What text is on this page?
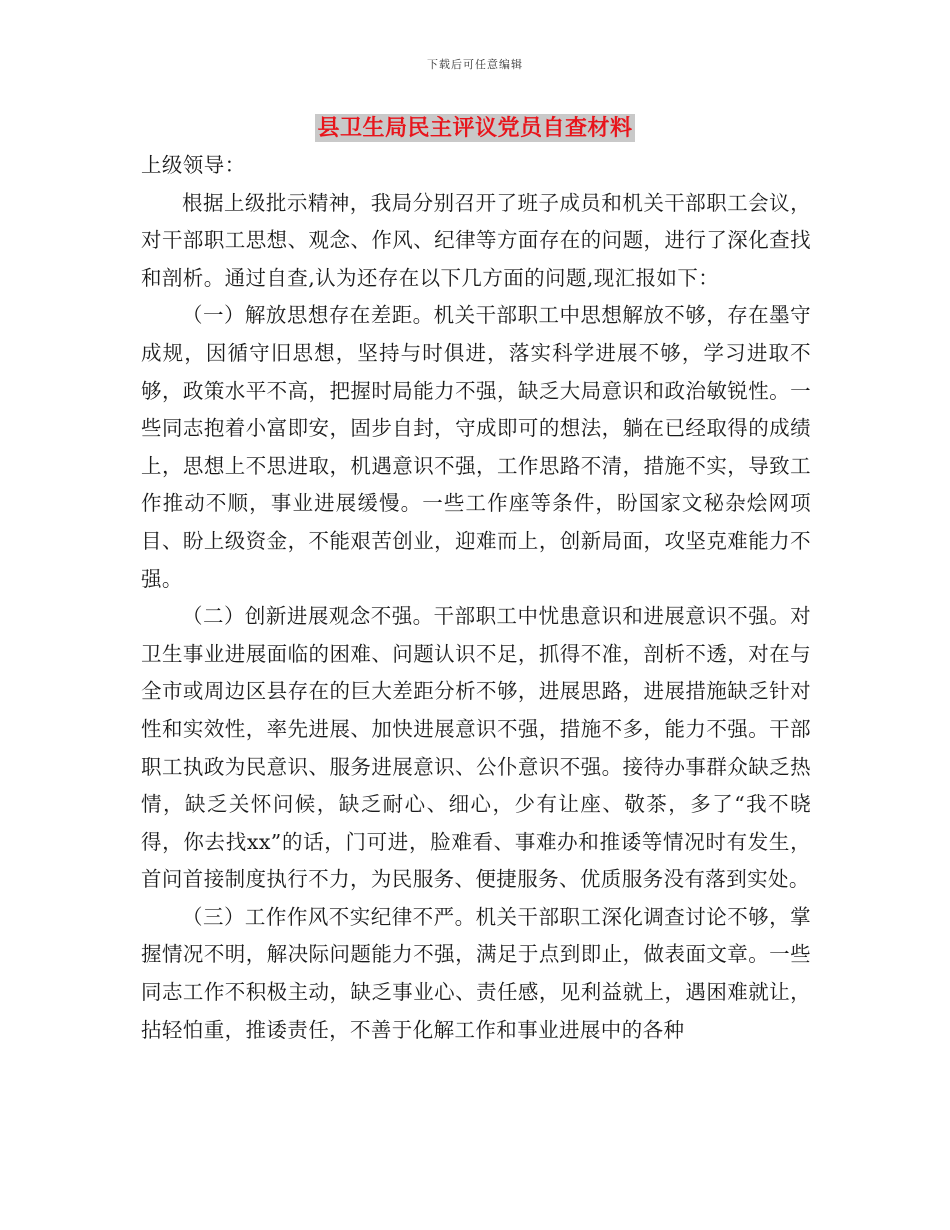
下载后可任意编辑
县卫生局民主评议党员自查材料

上级领导：

根据上级批示精神，我局分别召开了班子成员和机关干部职工会议，对干部职工思想、观念、作风、纪律等方面存在的问题，进行了深化查找和剖析。通过自查,认为还存在以下几方面的问题,现汇报如下：

（一）解放思想存在差距。机关干部职工中思想解放不够，存在墨守成规，因循守旧思想，坚持与时俱进，落实科学进展不够，学习进取不够，政策水平不高，把握时局能力不强，缺乏大局意识和政治敏锐性。一些同志抱着小富即安，固步自封，守成即可的想法，躺在已经取得的成绩上，思想上不思进取，机遇意识不强，工作思路不清，措施不实，导致工作推动不顺，事业进展缓慢。一些工作座等条件，盼国家文秘杂烩网项目、盼上级资金，不能艰苦创业，迎难而上，创新局面，攻坚克难能力不强。

（二）创新进展观念不强。干部职工中忧患意识和进展意识不强。对卫生事业进展面临的困难、问题认识不足，抓得不准，剖析不透，对在与全市或周边区县存在的巨大差距分析不够，进展思路，进展措施缺乏针对性和实效性，率先进展、加快进展意识不强，措施不多，能力不强。干部职工执政为民意识、服务进展意识、公仆意识不强。接待办事群众缺乏热情，缺乏关怀问候，缺乏耐心、细心，少有让座、敬茶，多了“我不晓得，你去找xx”的话，门可进，脸难看、事难办和推诿等情况时有发生，首问首接制度执行不力，为民服务、便捷服务、优质服务没有落到实处。

（三）工作作风不实纪律不严。机关干部职工深化调查讨论不够，掌握情况不明，解决际问题能力不强，满足于点到即止，做表面文章。一些同志工作不积极主动，缺乏事业心、责任感，见利益就上，遇困难就让，拈轻怕重，推诿责任，不善于化解工作和事业进展中的各种
